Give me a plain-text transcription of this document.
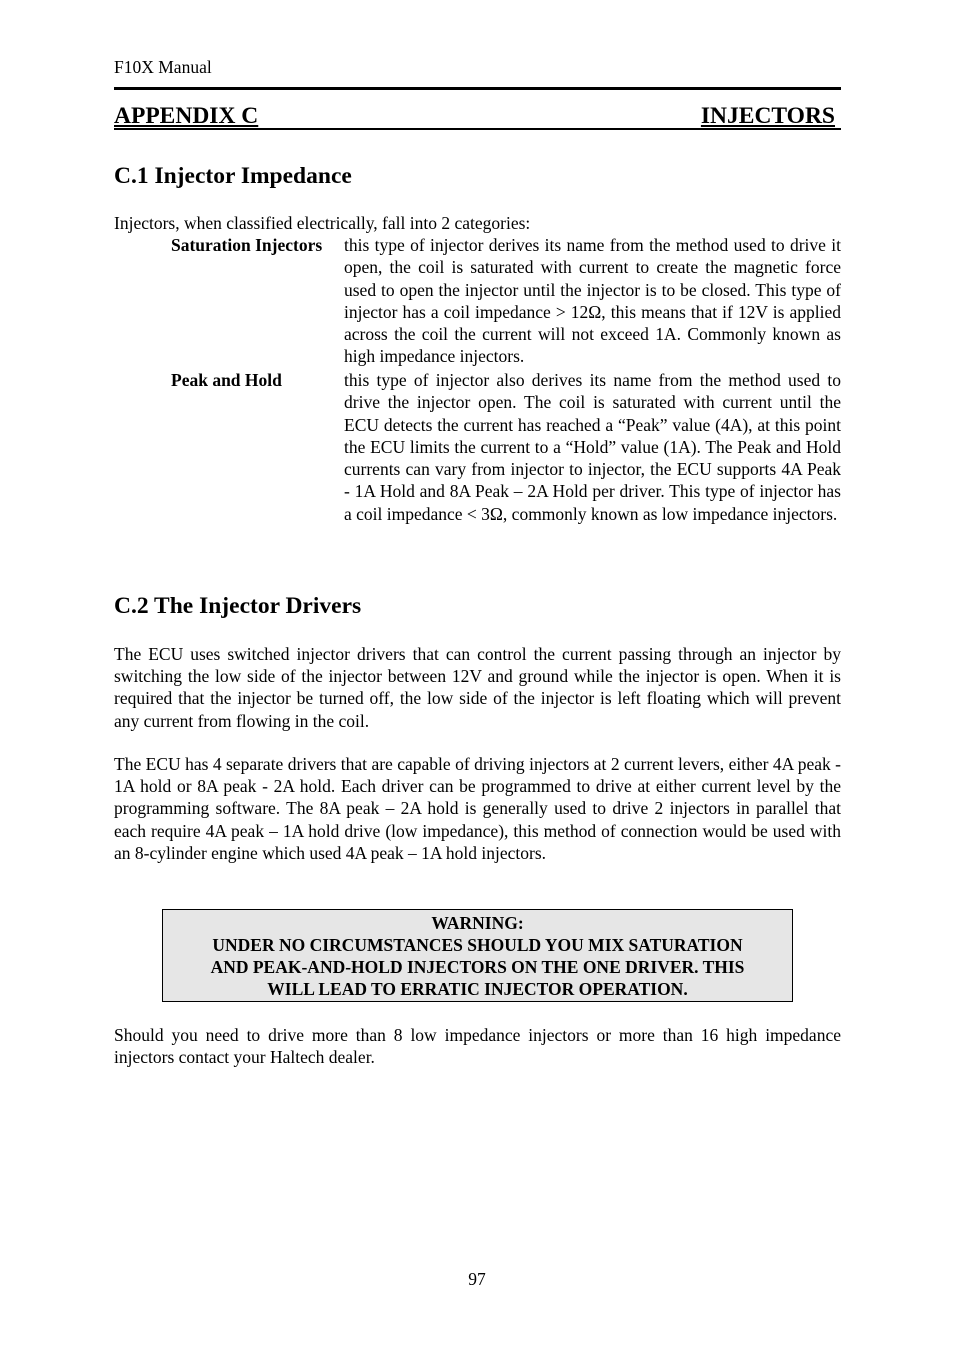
F10X Manual
APPENDIX C	INJECTORS
C.1 Injector Impedance
Injectors, when classified electrically, fall into 2 categories:
Saturation Injectors this type of injector derives its name from the method used to drive it open, the coil is saturated with current to create the magnetic force used to open the injector until the injector is to be closed. This type of injector has a coil impedance > 12Ω, this means that if 12V is applied across the coil the current will not exceed 1A. Commonly known as high impedance injectors.
Peak and Hold	this type of injector also derives its name from the method used to drive the injector open. The coil is saturated with current until the ECU detects the current has reached a “Peak” value (4A), at this point the ECU limits the current to a “Hold” value (1A). The Peak and Hold currents can vary from injector to injector, the ECU supports 4A Peak - 1A Hold and 8A Peak – 2A Hold per driver. This type of injector has a coil impedance < 3Ω, commonly known as low impedance injectors.
C.2 The Injector Drivers
The ECU uses switched injector drivers that can control the current passing through an injector by switching the low side of the injector between 12V and ground while the injector is open. When it is required that the injector be turned off, the low side of the injector is left floating which will prevent any current from flowing in the coil.
The ECU has 4 separate drivers that are capable of driving injectors at 2 current levers, either 4A peak - 1A hold or 8A peak - 2A hold. Each driver can be programmed to drive at either current level by the programming software. The 8A peak – 2A hold is generally used to drive 2 injectors in parallel that each require 4A peak – 1A hold drive (low impedance), this method of connection would be used with an 8-cylinder engine which used 4A peak – 1A hold injectors.
WARNING:
UNDER NO CIRCUMSTANCES SHOULD YOU MIX SATURATION
AND PEAK-AND-HOLD INJECTORS ON THE ONE DRIVER. THIS
WILL LEAD TO ERRATIC INJECTOR OPERATION.
Should you need to drive more than 8 low impedance injectors or more than 16 high impedance injectors contact your Haltech dealer.
97
